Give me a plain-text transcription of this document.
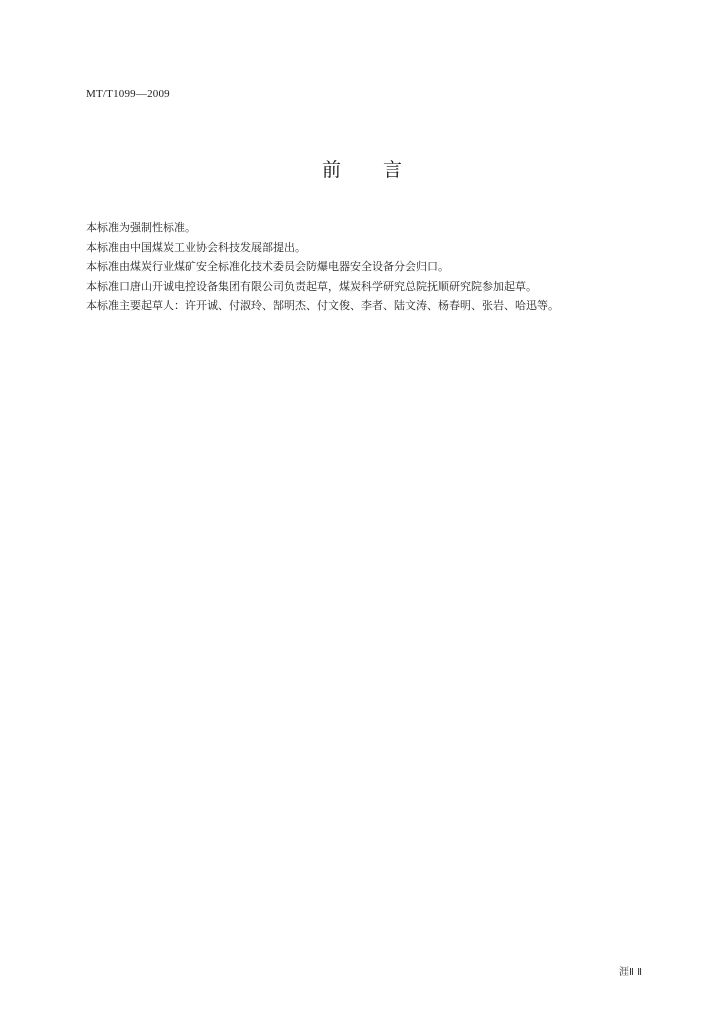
MT/T1099—2009
前 言
本标准为强制性标准。
本标准由中国煤炭工业协会科技发展部提出。
本标准由煤炭行业煤矿安全标准化技术委员会防爆电器安全设备分会归口。
本标准口唐山开诚电控设备集团有限公司负责起草，煤炭科学研究总院抚顺研究院参加起草。
本标准主要起草人：许开诚、付淑玲、郜明杰、付文俊、李者、陆文涛、杨春明、张岩、哈迅等。
涯Ⅱ Ⅱ
